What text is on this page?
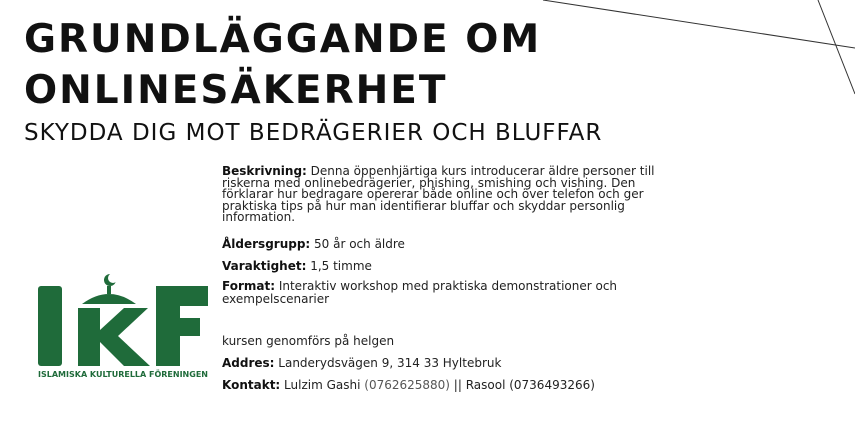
GRUNDLÄGGANDE OM
ONLINESÄKERHET
SKYDDA DIG MOT BEDRÄGERIER OCH BLUFFAR

Beskrivning: Denna öppenhjärtiga kurs introducerar äldre personer till riskerna med onlinebedrägerier, phishing, smishing och vishing. Den förklarar hur bedragare opererar både online och över telefon och ger praktiska tips på hur man identifierar bluffar och skyddar personlig information.

Åldersgrupp: 50 år och äldre

Varaktighet: 1,5 timme

Format: Interaktiv workshop med praktiska demonstrationer och exempelscenarier

kursen genomförs på helgen

Addres: Landerydsvägen 9, 314 33 Hyltebruk

Kontakt: Lulzim Gashi (0762625880) || Rasool (0736493266)

ISLAMISKA KULTURELLA FÖRENINGEN
